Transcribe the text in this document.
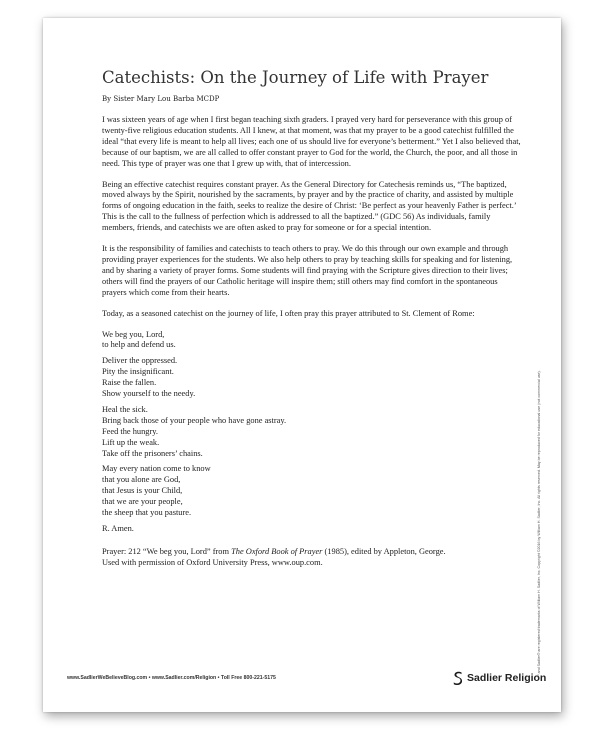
Catechists: On the Journey of Life with Prayer
By Sister Mary Lou Barba MCDP

I was sixteen years of age when I first began teaching sixth graders. I prayed very hard for perseverance with this group of twenty-five religious education students. All I knew, at that moment, was that my prayer to be a good catechist fulfilled the ideal “that every life is meant to help all lives; each one of us should live for everyone’s betterment.” Yet I also believed that, because of our baptism, we are all called to offer constant prayer to God for the world, the Church, the poor, and all those in need. This type of prayer was one that I grew up with, that of intercession.

Being an effective catechist requires constant prayer. As the General Directory for Catechesis reminds us, “The baptized, moved always by the Spirit, nourished by the sacraments, by prayer and by the practice of charity, and assisted by multiple forms of ongoing education in the faith, seeks to realize the desire of Christ: ‘Be perfect as your heavenly Father is perfect.’ This is the call to the fullness of perfection which is addressed to all the baptized.” (GDC 56) As individuals, family members, friends, and catechists we are often asked to pray for someone or for a special intention.

It is the responsibility of families and catechists to teach others to pray. We do this through our own example and through providing prayer experiences for the students. We also help others to pray by teaching skills for speaking and for listening, and by sharing a variety of prayer forms. Some students will find praying with the Scripture gives direction to their lives; others will find the prayers of our Catholic heritage will inspire them; still others may find comfort in the spontaneous prayers which come from their hearts.

Today, as a seasoned catechist on the journey of life, I often pray this prayer attributed to St. Clement of Rome:

We beg you, Lord,
to help and defend us.
Deliver the oppressed.
Pity the insignificant.
Raise the fallen.
Show yourself to the needy.
Heal the sick.
Bring back those of your people who have gone astray.
Feed the hungry.
Lift up the weak.
Take off the prisoners’ chains.
May every nation come to know
that you alone are God,
that Jesus is your Child,
that we are your people,
the sheep that you pasture.
R. Amen.
Prayer: 212 “We beg you, Lord” from The Oxford Book of Prayer (1985), edited by Appleton, George.
Used with permission of Oxford University Press, www.oup.com.
www.SadlierWeBelieveBlog.com • www.Sadlier.com/Religion • Toll Free 800-221-5175	Sadlier Religion
™ and Sadlier® are registered trademarks of William H. Sadlier, Inc. Copyright ©2016 by William H. Sadlier, Inc. All rights reserved. May be reproduced for educational use (not commercial use).
